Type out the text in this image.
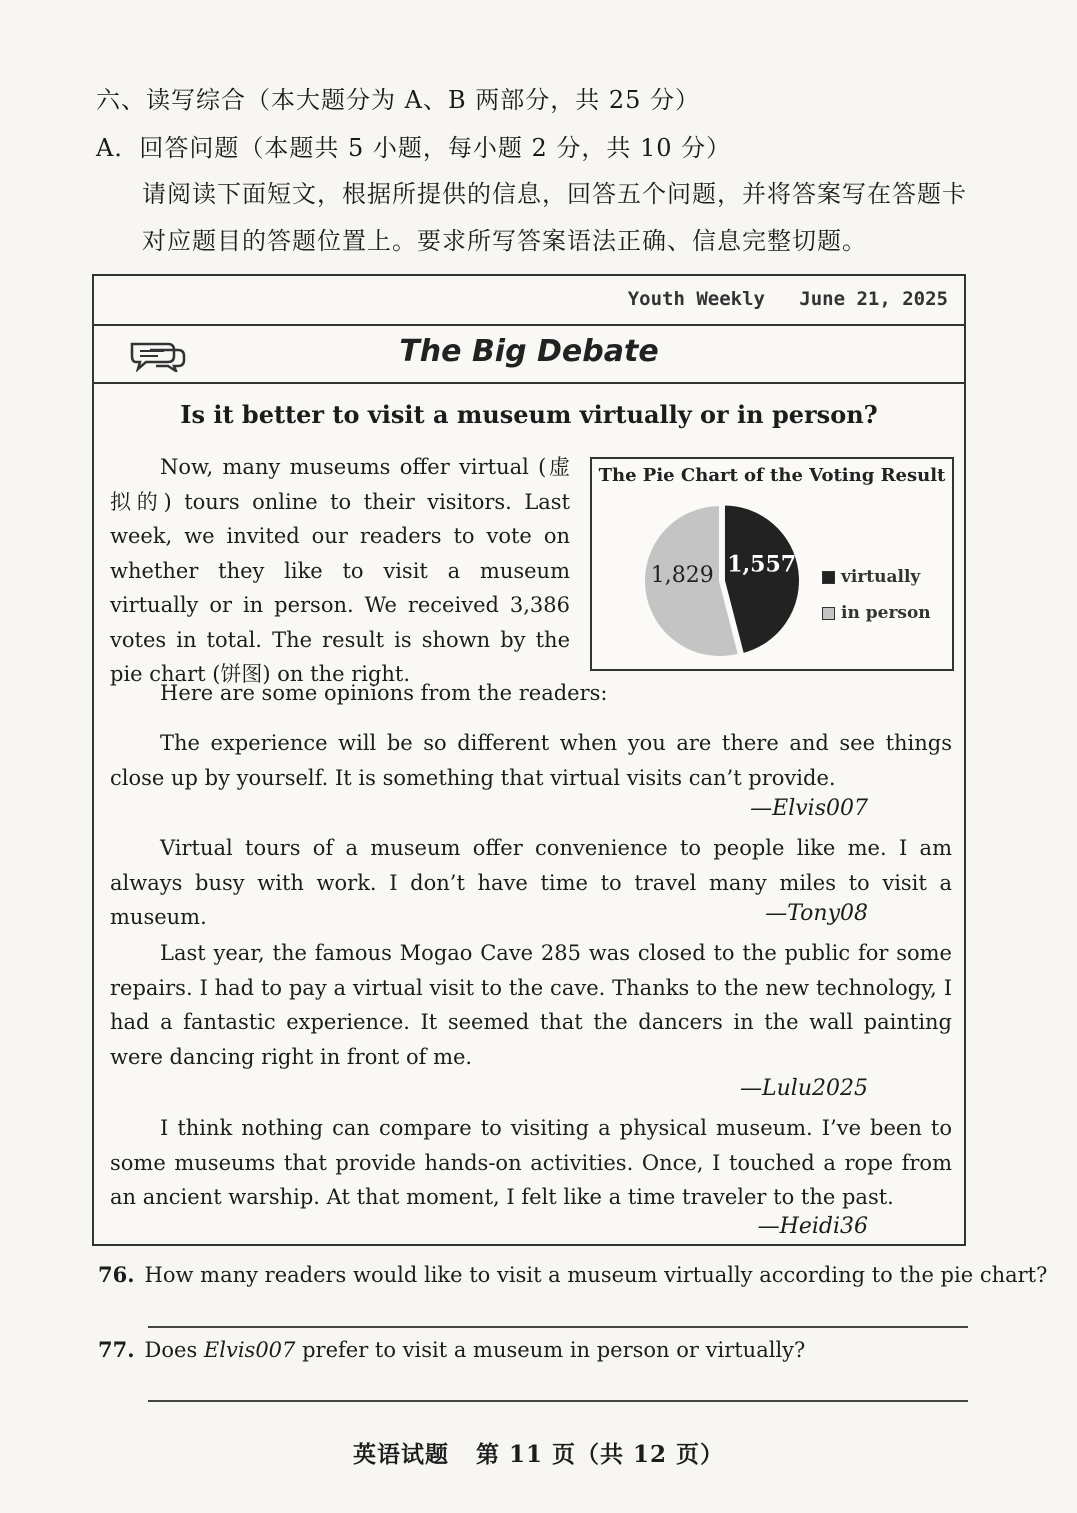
六、读写综合（本大题分为 A、B 两部分，共 25 分）
A．回答问题（本题共 5 小题，每小题 2 分，共 10 分）
请阅读下面短文，根据所提供的信息，回答五个问题，并将答案写在答题卡
对应题目的答题位置上。要求所写答案语法正确、信息完整切题。
Youth Weekly   June 21, 2025
The Big Debate
Is it better to visit a museum virtually or in person?
Now, many museums offer virtual (虚拟的) tours online to their visitors. Last week, we invited our readers to vote on whether they like to visit a museum virtually or in person. We received 3,386 votes in total. The result is shown by the pie chart (饼图) on the right.
The Pie Chart of the Voting Result
1,557
1,829	virtually
in person
Here are some opinions from the readers:
The experience will be so different when you are there and see things close up by yourself. It is something that virtual visits can’t provide.
—Elvis007
Virtual tours of a museum offer convenience to people like me. I am always busy with work. I don’t have time to travel many miles to visit a museum.	—Tony08
Last year, the famous Mogao Cave 285 was closed to the public for some repairs. I had to pay a virtual visit to the cave. Thanks to the new technology, I had a fantastic experience. It seemed that the dancers in the wall painting were dancing right in front of me.
—Lulu2025
I think nothing can compare to visiting a physical museum. I’ve been to some museums that provide hands-on activities. Once, I touched a rope from an ancient warship. At that moment, I felt like a time traveler to the past.
—Heidi36
76. How many readers would like to visit a museum virtually according to the pie chart?
77. Does Elvis007 prefer to visit a museum in person or virtually?
英语试题   第 11 页（共 12 页）
